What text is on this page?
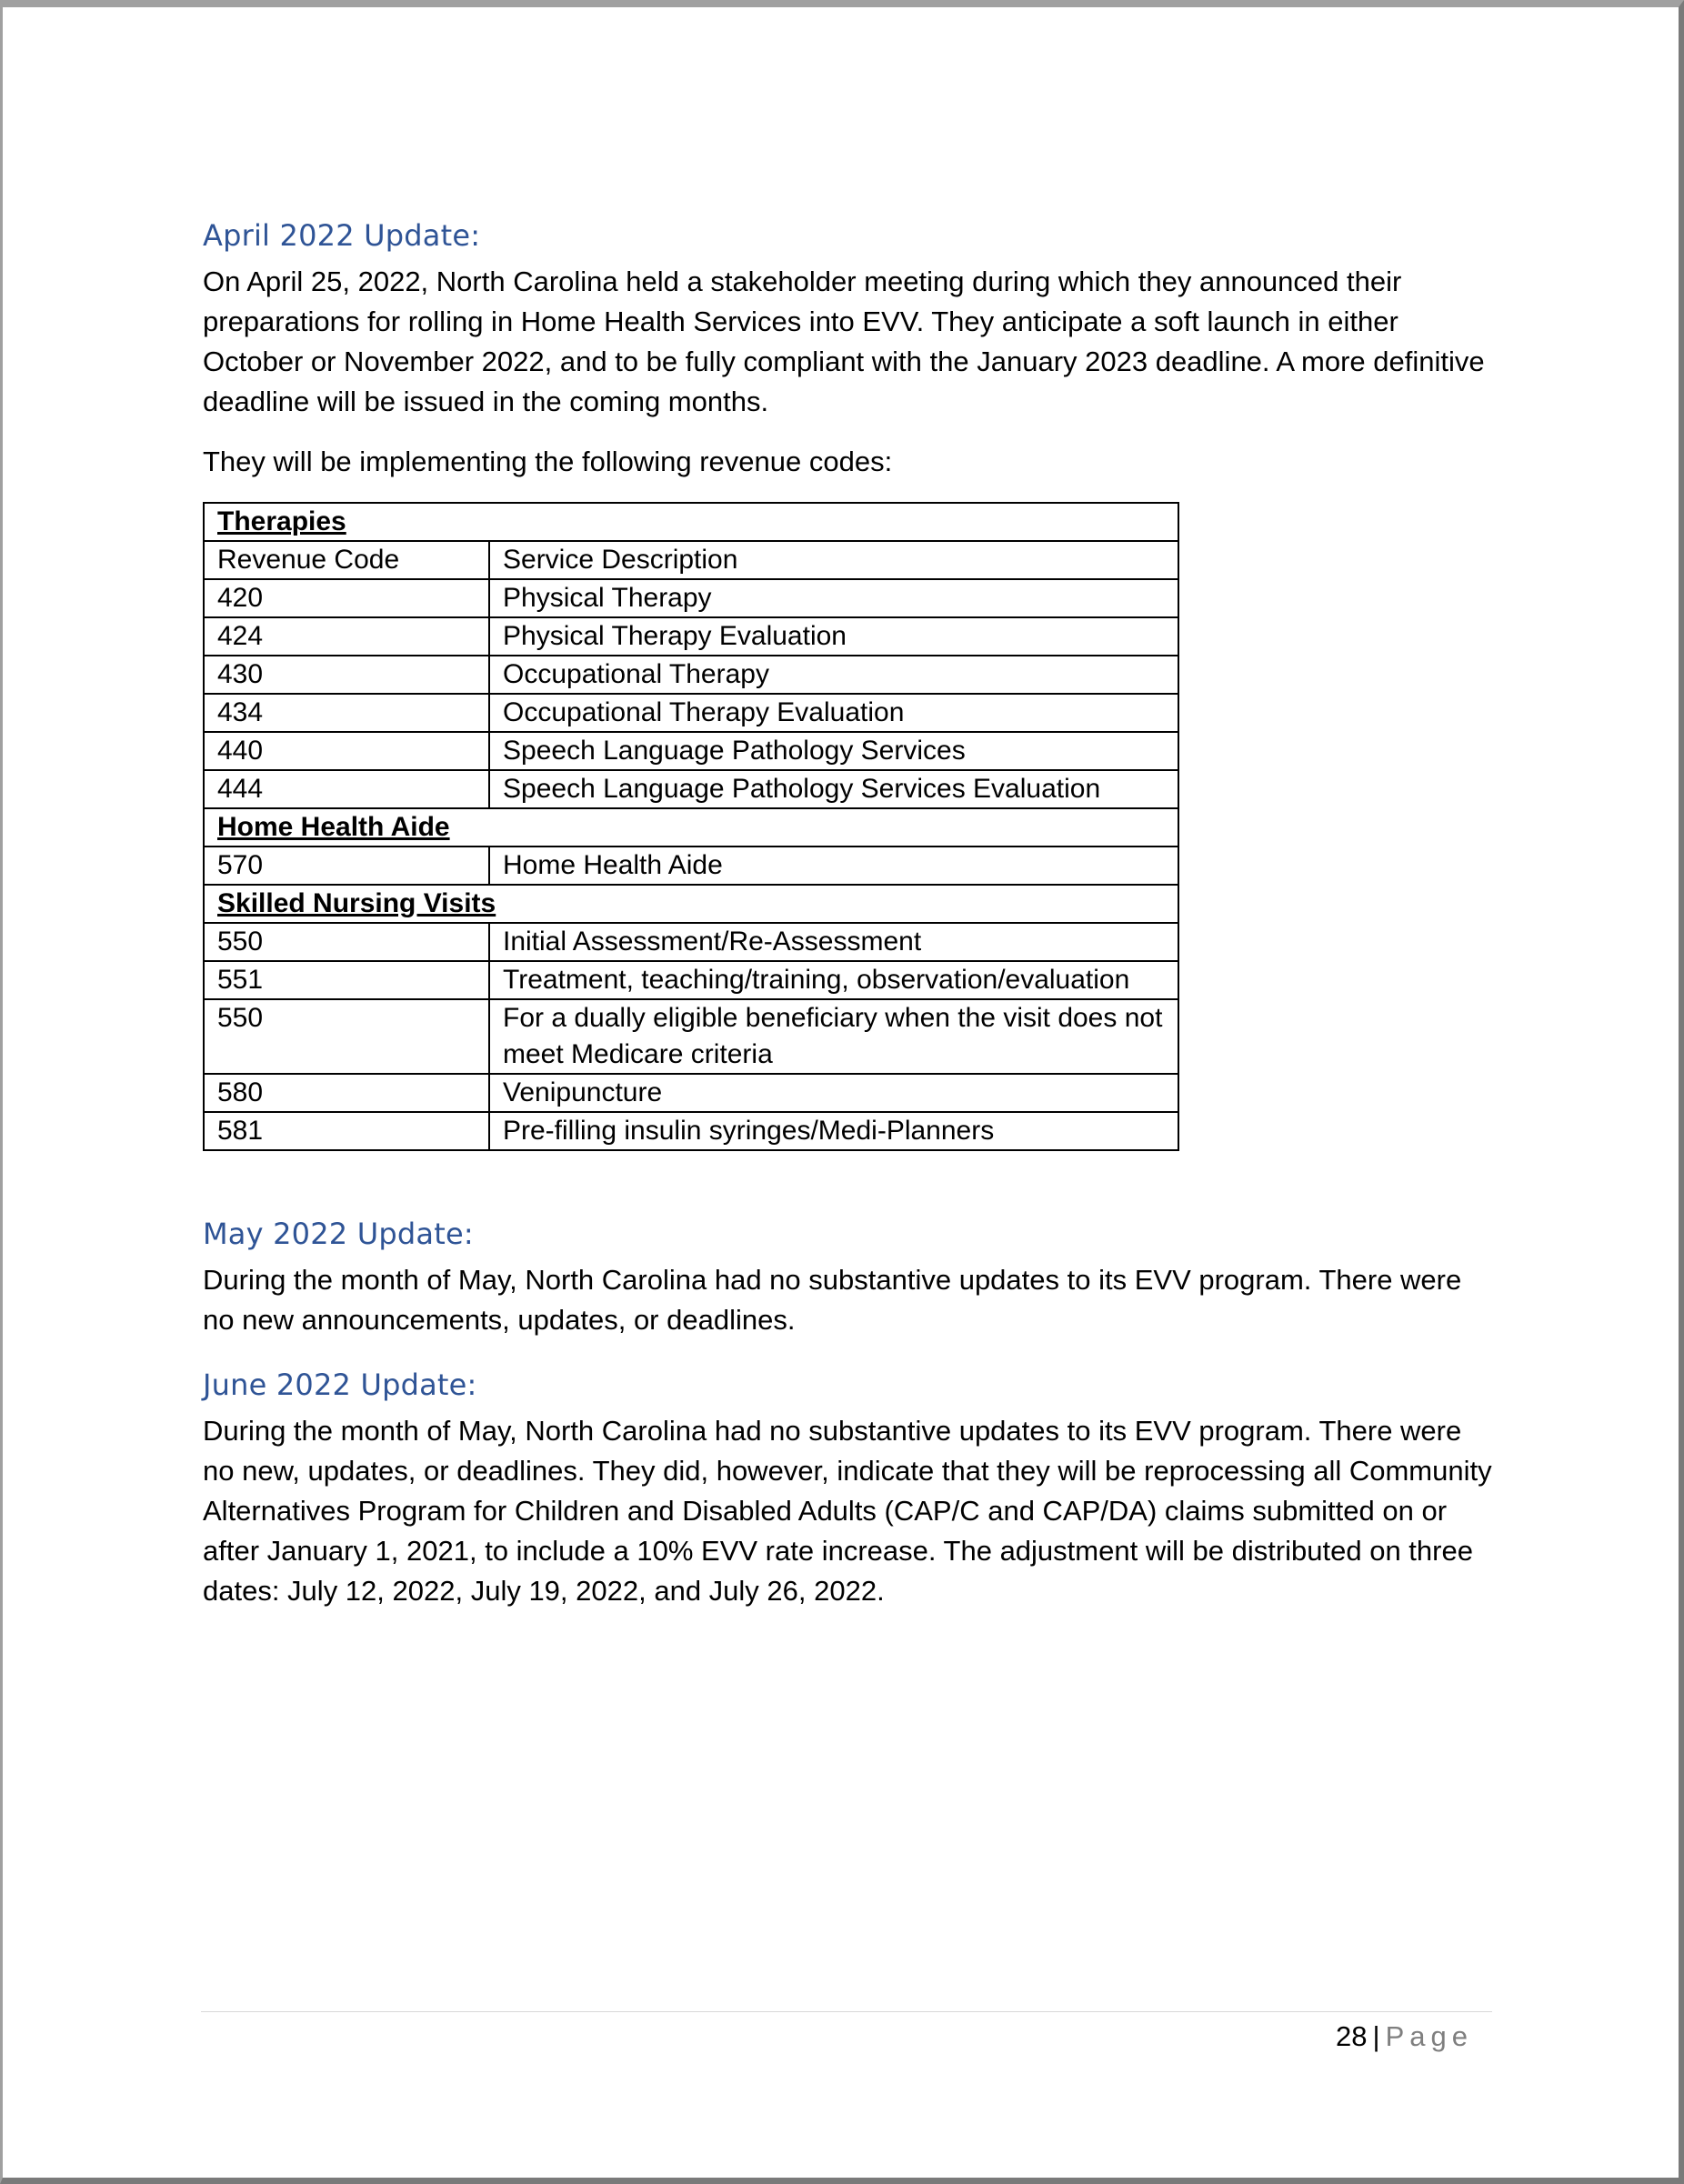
April 2022 Update:

On April 25, 2022, North Carolina held a stakeholder meeting during which they announced their preparations for rolling in Home Health Services into EVV. They anticipate a soft launch in either October or November 2022, and to be fully compliant with the January 2023 deadline. A more definitive deadline will be issued in the coming months.

They will be implementing the following revenue codes:

Therapies	
Revenue Code	Service Description
420	Physical Therapy
424	Physical Therapy Evaluation
430	Occupational Therapy
434	Occupational Therapy Evaluation
440	Speech Language Pathology Services
444	Speech Language Pathology Services Evaluation
Home Health Aide	
570	Home Health Aide
Skilled Nursing Visits	
550	Initial Assessment/Re-Assessment
551	Treatment, teaching/training, observation/evaluation
550	For a dually eligible beneficiary when the visit does not meet Medicare criteria
580	Venipuncture
581	Pre-filling insulin syringes/Medi-Planners
May 2022 Update:

During the month of May, North Carolina had no substantive updates to its EVV program. There were no new announcements, updates, or deadlines.

June 2022 Update:

During the month of May, North Carolina had no substantive updates to its EVV program. There were no new, updates, or deadlines. They did, however, indicate that they will be reprocessing all Community Alternatives Program for Children and Disabled Adults (CAP/C and CAP/DA) claims submitted on or after January 1, 2021, to include a 10% EVV rate increase. The adjustment will be distributed on three dates: July 12, 2022, July 19, 2022, and July 26, 2022.

28 | Page
